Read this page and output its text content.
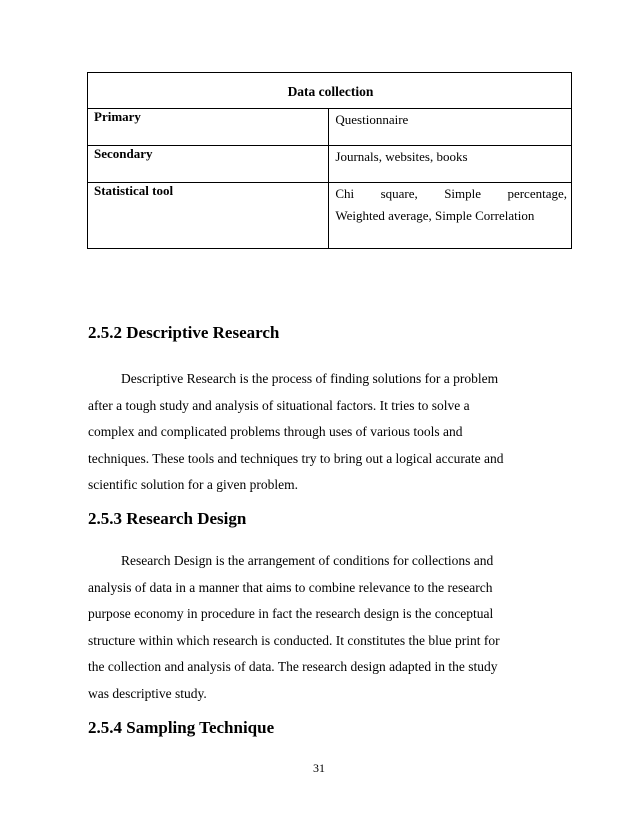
Data collection	
Primary	Questionnaire
Secondary	Journals, websites, books
Statistical tool	Chi square, Simple percentage,
Weighted average, Simple Correlation
2.5.2 Descriptive Research

Descriptive Research is the process of finding solutions for a problem
after a tough study and analysis of situational factors. It tries to solve a
complex and complicated problems through uses of various tools and
techniques. These tools and techniques try to bring out a logical accurate and
scientific solution for a given problem.

2.5.3 Research Design

Research Design is the arrangement of conditions for collections and
analysis of data in a manner that aims to combine relevance to the research
purpose economy in procedure in fact the research design is the conceptual
structure within which research is conducted. It constitutes the blue print for
the collection and analysis of data. The research design adapted in the study
was descriptive study.

2.5.4 Sampling Technique
31
